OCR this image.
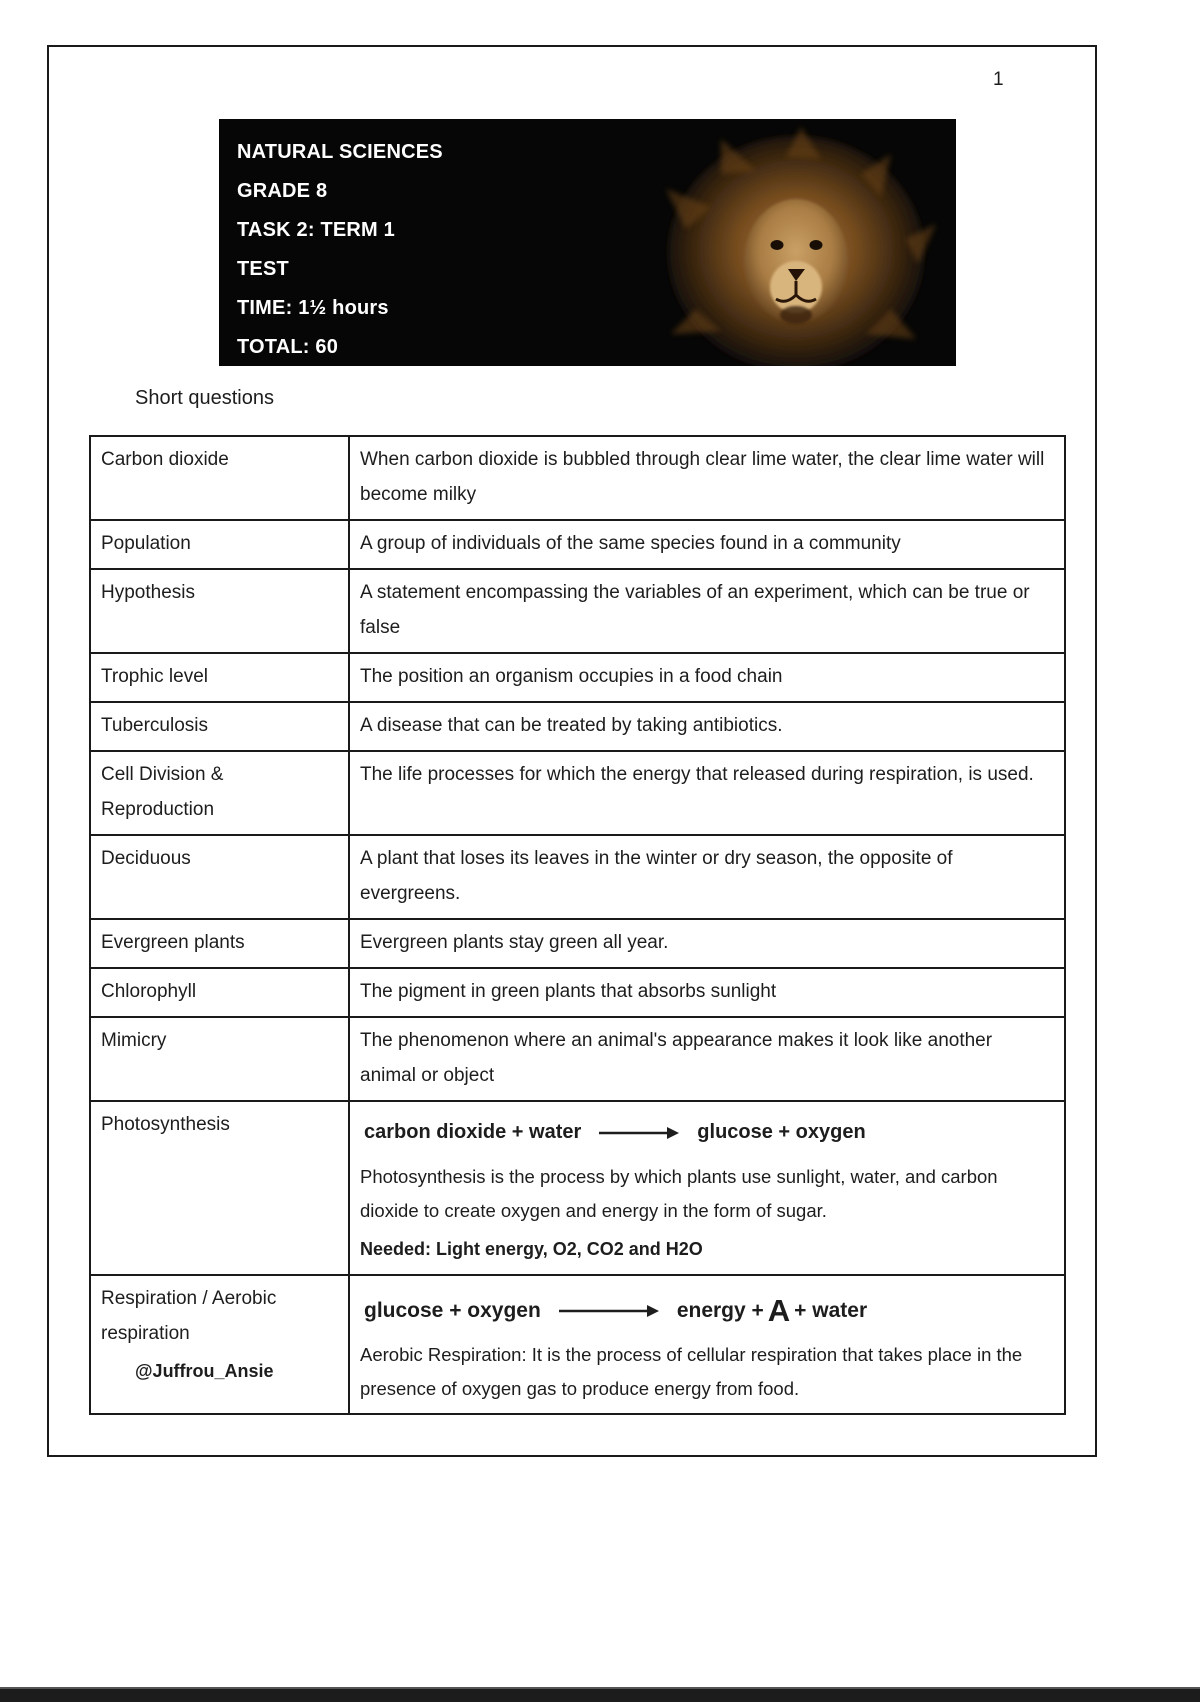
1
NATURAL SCIENCES
GRADE 8
TASK 2: TERM 1
TEST
TIME: 1½ hours
TOTAL: 60
Short questions
Carbon dioxide	When carbon dioxide is bubbled through clear lime water, the clear lime water will become milky
Population	A group of individuals of the same species found in a community
Hypothesis	A statement encompassing the variables of an experiment, which can be true or false
Trophic level	The position an organism occupies in a food chain
Tuberculosis	A disease that can be treated by taking antibiotics.
Cell Division & Reproduction	The life processes for which the energy that released during respiration, is used.
Deciduous	A plant that loses its leaves in the winter or dry season, the opposite of evergreens.
Evergreen plants	Evergreen plants stay green all year.
Chlorophyll	The pigment in green plants that absorbs sunlight
Mimicry	The phenomenon where an animal's appearance makes it look like another animal or object
Photosynthesis	carbon dioxide + water glucose + oxygen
Photosynthesis is the process by which plants use sunlight, water, and carbon dioxide to create oxygen and energy in the form of sugar.
Needed: Light energy, O2, CO2 and H2O

Respiration / Aerobic respiration	glucose + oxygen energy + A + water
Aerobic Respiration: It is the process of cellular respiration that takes place in the presence of oxygen gas to produce energy from food.
@Juffrou_Ansie
